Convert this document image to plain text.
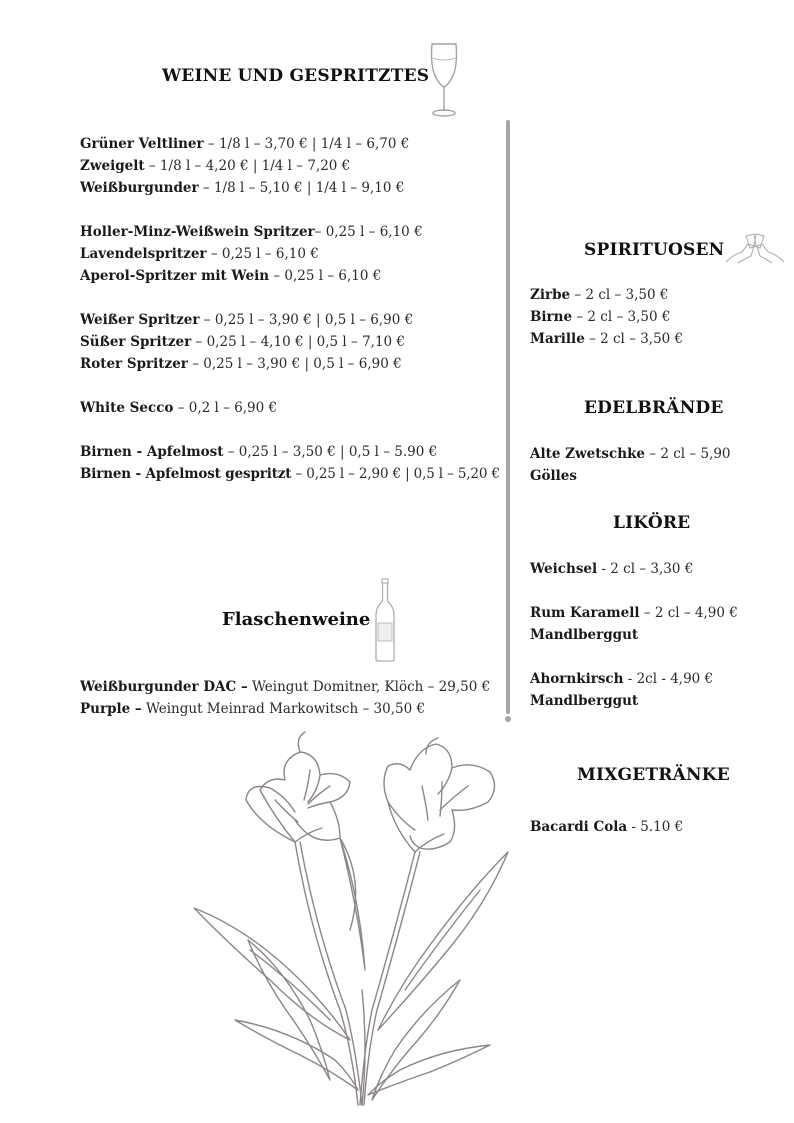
WEINE UND GESPRITZTES
Grüner Veltliner – 1/8 l – 3,70 € | 1/4 l – 6,70 €
Zweigelt – 1/8 l – 4,20 € | 1/4 l – 7,20 €
Weißburgunder – 1/8 l – 5,10 € | 1/4 l – 9,10 €
Holler-Minz-Weißwein Spritzer– 0,25 l – 6,10 €
Lavendelspritzer – 0,25 l – 6,10 €
Aperol-Spritzer mit Wein – 0,25 l – 6,10 €
Weißer Spritzer – 0,25 l – 3,90 € | 0,5 l – 6,90 €
Süßer Spritzer – 0,25 l – 4,10 € | 0,5 l – 7,10 €
Roter Spritzer – 0,25 l – 3,90 € | 0,5 l – 6,90 €
White Secco – 0,2 l – 6,90 €
Birnen - Apfelmost – 0,25 l – 3,50 € | 0,5 l – 5.90 €
Birnen - Apfelmost gespritzt – 0,25 l – 2,90 € | 0,5 l – 5,20 €
Flaschenweine
Weißburgunder DAC – Weingut Domitner, Klöch – 29,50 €
Purple – Weingut Meinrad Markowitsch – 30,50 €
SPIRITUOSEN
Zirbe – 2 cl – 3,50 €
Birne – 2 cl – 3,50 €
Marille – 2 cl – 3,50 €
EDELBRÄNDE
Alte Zwetschke – 2 cl – 5,90
Gölles
LIKÖRE
Weichsel - 2 cl – 3,30 €
Rum Karamell – 2 cl – 4,90 €
Mandlberggut
Ahornkirsch - 2cl - 4,90 €
Mandlberggut
MIXGETRÄNKE
Bacardi Cola - 5.10 €
